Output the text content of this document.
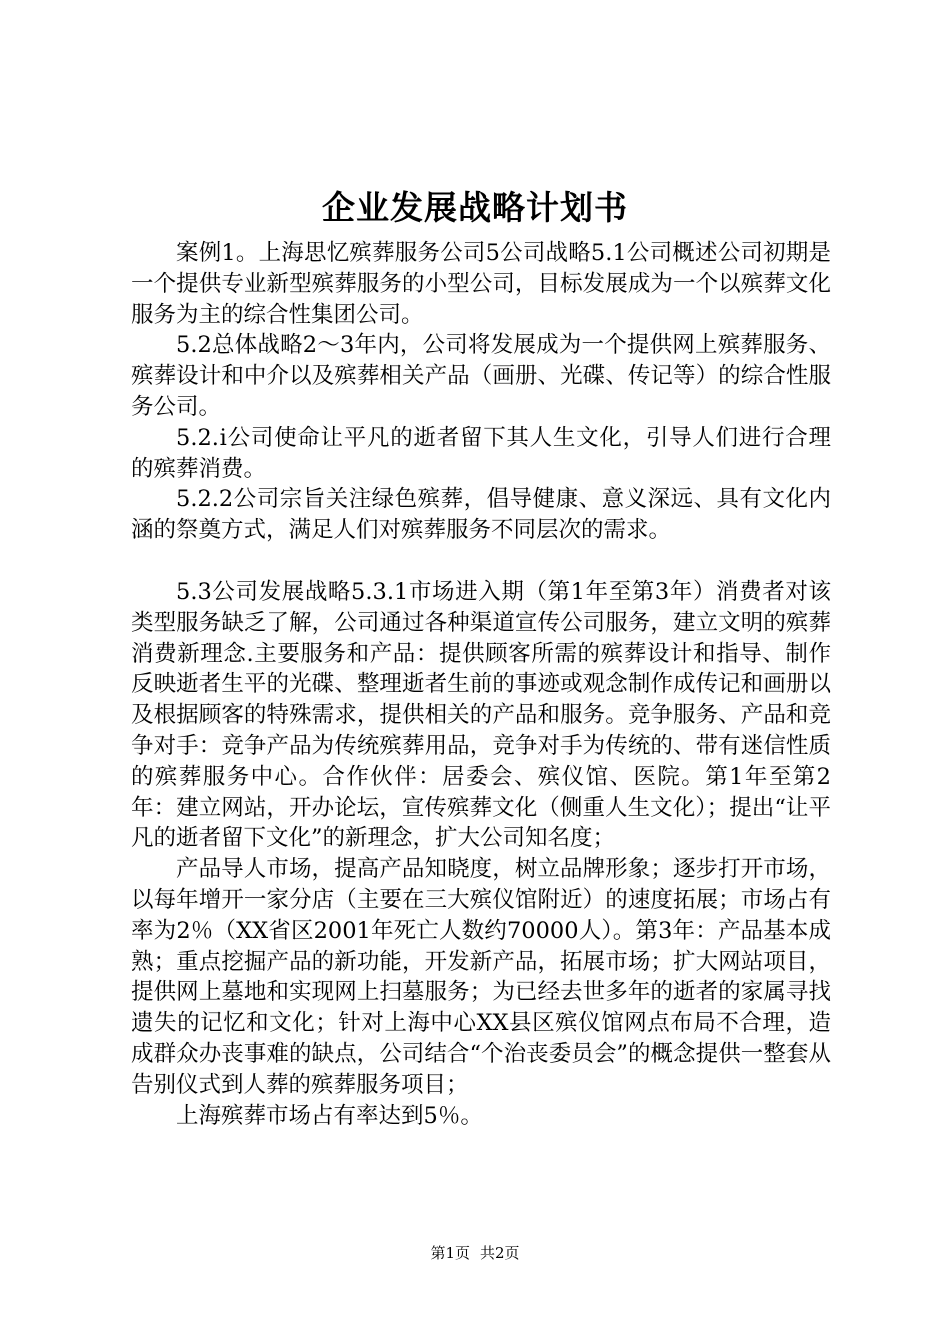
企业发展战略计划书

案例1。上海思忆殡葬服务公司5公司战略5.1公司概述公司初期是一个提供专业新型殡葬服务的小型公司，目标发展成为一个以殡葬文化服务为主的综合性集团公司。

5.2总体战略2～3年内，公司将发展成为一个提供网上殡葬服务、殡葬设计和中介以及殡葬相关产品（画册、光碟、传记等）的综合性服务公司。

5.2.ⅰ公司使命让平凡的逝者留下其人生文化，引导人们进行合理的殡葬消费。

5.2.2公司宗旨关注绿色殡葬，倡导健康、意义深远、具有文化内涵的祭奠方式，满足人们对殡葬服务不同层次的需求。

5.3公司发展战略5.3.1市场进入期（第1年至第3年）消费者对该类型服务缺乏了解，公司通过各种渠道宣传公司服务，建立文明的殡葬消费新理念.主要服务和产品：提供顾客所需的殡葬设计和指导、制作反映逝者生平的光碟、整理逝者生前的事迹或观念制作成传记和画册以及根据顾客的特殊需求，提供相关的产品和服务。竞争服务、产品和竞争对手：竞争产品为传统殡葬用品，竞争对手为传统的、带有迷信性质的殡葬服务中心。合作伙伴：居委会、殡仪馆、医院。第1年至第2年：建立网站，开办论坛，宣传殡葬文化（侧重人生文化）；提出“让平凡的逝者留下文化”的新理念，扩大公司知名度；

产品导人市场，提高产品知晓度，树立品牌形象；逐步打开市场，以每年增开一家分店（主要在三大殡仪馆附近）的速度拓展；市场占有率为2％（XX省区2001年死亡人数约70000人）。第3年：产品基本成熟；重点挖掘产品的新功能，开发新产品，拓展市场；扩大网站项目，提供网上墓地和实现网上扫墓服务；为已经去世多年的逝者的家属寻找遗失的记忆和文化；针对上海中心XX县区殡仪馆网点布局不合理，造成群众办丧事难的缺点，公司结合“个治丧委员会”的概念提供一整套从告别仪式到人葬的殡葬服务项目；

上海殡葬市场占有率达到5％。

第1页 共2页
